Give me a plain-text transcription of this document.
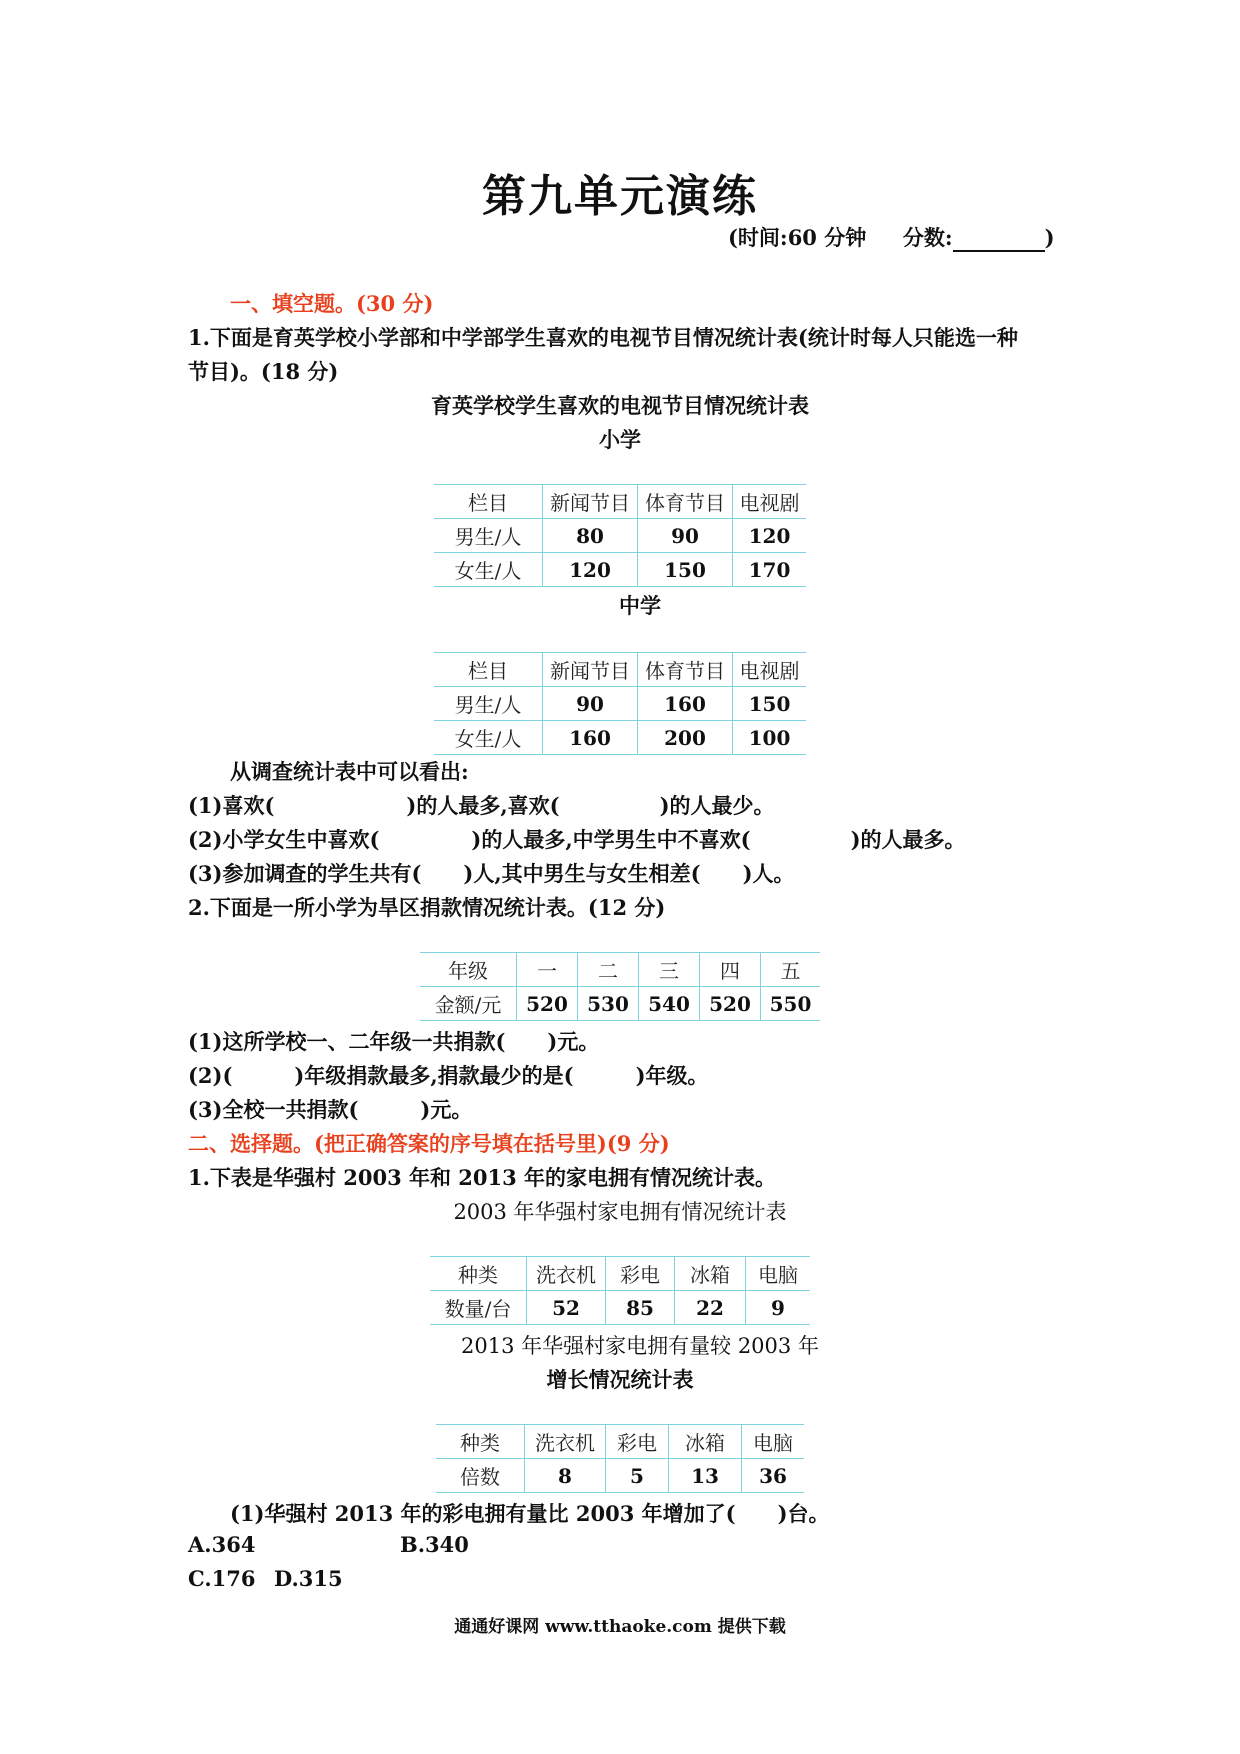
第九单元演练
(时间:60 分钟 分数:	)
一、填空题。(30 分)
1.下面是育英学校小学部和中学部学生喜欢的电视节目情况统计表(统计时每人只能选一种
节目)。(18 分)
育英学校学生喜欢的电视节目情况统计表
小学
栏目	新闻节目	体育节目	电视剧
男生/人	80	90	120
女生/人	120	150	170
中学
栏目	新闻节目	体育节目	电视剧
男生/人	90	160	150
女生/人	160	200	100
从调查统计表中可以看出:
(1)喜欢(	)的人最多,喜欢(	)的人最少。
(2)小学女生中喜欢(	)的人最多,中学男生中不喜欢(	)的人最多。
(3)参加调查的学生共有( )人,其中男生与女生相差( )人。
2.下面是一所小学为旱区捐款情况统计表。(12 分)
年级	一	二	三	四	五
金额/元	520	530	540	520	550
(1)这所学校一、二年级一共捐款( )元。
(2)(	)年级捐款最多,捐款最少的是(	)年级。
(3)全校一共捐款(	)元。
二、选择题。(把正确答案的序号填在括号里)(9 分)
1.下表是华强村 2003 年和 2013 年的家电拥有情况统计表。
2003 年华强村家电拥有情况统计表
种类	洗衣机	彩电	冰箱	电脑
数量/台	52	85	22	9
2013 年华强村家电拥有量较 2003 年
增长情况统计表
种类	洗衣机	彩电	冰箱	电脑
倍数	8	5	13	36
(1)华强村 2013 年的彩电拥有量比 2003 年增加了( )台。
A.364	B.340
C.176 D.315
通通好课网 www.tthaoke.com 提供下载
